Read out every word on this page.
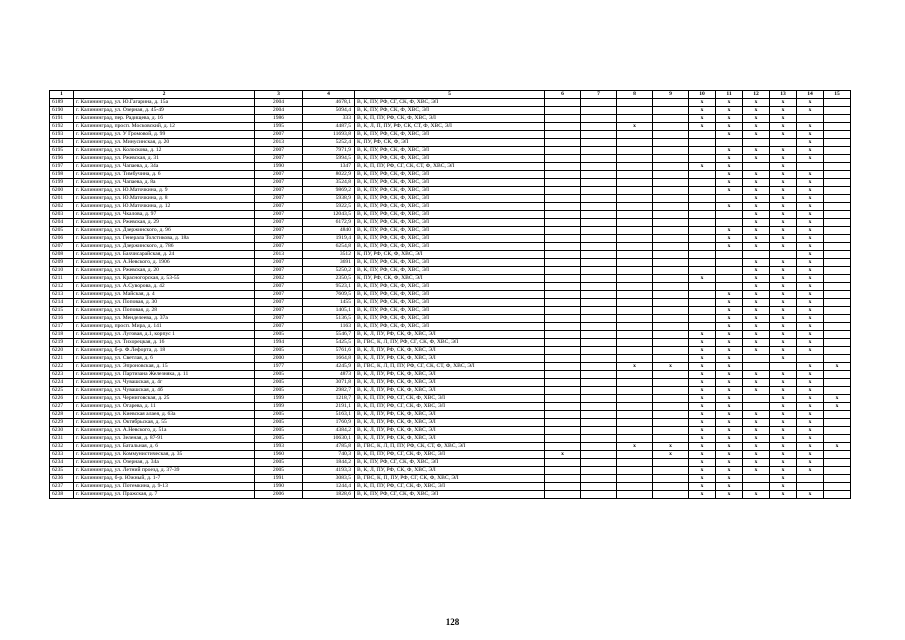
1	2	3	4	5	6	7	8	9	10	11	12	13	14	15
6189	г. Калининград, ул. Ю.Гагарина, д. 15а	2004	4678,1	В, К, ПУ, РФ, СГ, СК, Ф, ХВС, ЭЛ					x	x	x	x	x	
6190	г. Калининград, ул. Озерная, д. 45-49	2004	5094,4	В, К, ПУ, РФ, СК, Ф, ХВС, ЭЛ					x	x	x	x	x	
6191	г. Калининград, пер. Радищева, д. 16	1986	333	В, К, П, ПУ, РФ, СК, Ф, ХВС, ЭЛ					x	x	x	x		
6192	г. Калининград, просп. Московский, д. 12	1995	4487,5	В, К, Л, П, ПУ, РФ, СК, СТ, Ф, ХВС, ЭЛ			x		x	x	x	x	x	
6193	г. Калининград, ул. У Громовой, д. 99	2007	11693,8	В, К, ПУ, РФ, СК, Ф, ХВС, ЭЛ						x	x	x	x	
6194	г. Калининград, ул. Минусинская, д. 20	2013	5252,4	К, ПУ, РФ, СК, Ф, ЭЛ									x	
6195	г. Калининград, ул. Колоскова, д. 12	2007	7971,9	В, К, ПУ, РФ, СК, Ф, ХВС, ЭЛ						x	x	x	x	
6196	г. Калининград, ул. Ржевская, д. 31	2007	5994,5	В, К, ПУ, РФ, СК, Ф, ХВС, ЭЛ						x	x	x	x	
6197	г. Калининград, ул. Чапаева, д. 34а	1990	1347	В, К, П, ПУ, РФ, СГ, СК, СТ, Ф, ХВС, ЭЛ					x	x		x		
6198	г. Калининград, ул. Тимбучина, д. 6	2007	8022,9	В, К, ПУ, РФ, СК, Ф, ХВС, ЭЛ						x	x	x	x	
6199	г. Калининград, ул. Чапаева, д. 8а	2007	3524,8	В, К, ПУ, РФ, СК, Ф, ХВС, ЭЛ						x	x	x	x	
6200	г. Калининград, ул. Ю.Маточкина, д. 9	2007	9869,2	В, К, ПУ, РФ, СК, Ф, ХВС, ЭЛ						x	x	x	x	
6201	г. Калининград, ул. Ю.Маточкина, д. 8	2007	5938,9	В, К, ПУ, РФ, СК, Ф, ХВС, ЭЛ							x	x	x	
6202	г. Калининград, ул. Ю.Маточкина, д. 12	2007	5922,5	В, К, ПУ, РФ, СК, Ф, ХВС, ЭЛ						x	x	x	x	
6203	г. Калининград, ул. Чкалова, д. 97	2007	12043,5	В, К, ПУ, РФ, СК, Ф, ХВС, ЭЛ							x	x	x	
6204	г. Калининград, ул. Ржевская, д. 29	2007	6172,9	В, К, ПУ, РФ, СК, Ф, ХВС, ЭЛ							x	x	x	
6205	г. Калининград, ул. Дзержинского, д. 96	2007	4840	В, К, ПУ, РФ, СК, Ф, ХВС, ЭЛ						x	x	x	x	
6206	г. Калининград, ул. Генерала Толстикова, д. 18а	2007	1919,4	В, К, ПУ, РФ, СК, Ф, ХВС, ЭЛ						x	x	x	x	
6207	г. Калининград, ул. Дзержинского, д. 786	2007	6254,8	В, К, ПУ, РФ, СК, Ф, ХВС, ЭЛ						x	x	x	x	
6208	г. Калининград, ул. Бахчисарайская, д. 24	2013	3512	К, ПУ, РФ, СК, Ф, ХВС, ЭЛ									x	
6209	г. Калининград, ул. А.Невского, д. 1906	2007	3691	В, К, ПУ, РФ, СК, Ф, ХВС, ЭЛ							x	x	x	
6210	г. Калининград, ул. Ржевская, д. 20	2007	5250,2	В, К, ПУ, РФ, СК, Ф, ХВС, ЭЛ							x	x	x	
6211	г. Калининград, ул. Красногорская, д. 53-55	2002	2350,5	К, ПУ, РФ, СК, Ф, ХВС, ЭЛ					x		x	x	x	
6212	г. Калининград, ул. А.Суворова, д. 42	2007	9523,1	В, К, ПУ, РФ, СК, Ф, ХВС, ЭЛ							x	x	x	
6213	г. Калининград, ул. Майская, д. 4	2007	7609,5	В, К, ПУ, РФ, СК, Ф, ХВС, ЭЛ						x	x	x	x	
6214	г. Калининград, ул. Поповая, д. 30	2007	1455	В, К, ПУ, РФ, СК, Ф, ХВС, ЭЛ						x	x	x	x	
6215	г. Калининград, ул. Поповая, д. 28	2007	1405,1	В, К, ПУ, РФ, СК, Ф, ХВС, ЭЛ						x	x	x	x	
6216	г. Калининград, ул. Менделеева, д. 37а	2007	5136,5	В, К, ПУ, РФ, СК, Ф, ХВС, ЭЛ						x	x	x	x	
6217	г. Калининград, просп. Мира, д. 141	2007	1163	В, К, ПУ, РФ, СК, Ф, ХВС, ЭЛ						x	x	x	x	
6218	г. Калининград, ул. Луговая, д.1, корпус 1	2005	5546,7	В, К, Л, ПУ, РФ, СК, Ф, ХВС, ЭЛ					x	x	x	x	x	
6219	г. Калининград, ул. Тихорецкая, д. 16	1994	5425,5	В, ГВС, К, Л, ПУ, РФ, СГ, СК, Ф, ХВС, ЭЛ					x	x	x	x	x	
6220	г. Калининград, б-р. Ф.Лефорта, д. 18	2005	5761,6	В, К, Л, ПУ, РФ, СК, Ф, ХВС, ЭЛ					x	x	x	x	x	
6221	г. Калининград, ул. Светлая, д. 6	2000	1664,8	В, К, Л, ПУ, РФ, СК, Ф, ХВС, ЭЛ					x	x		x		
6222	г. Калининград, ул. Эпроновская, д. 15	1977	4245,9	В, ГВС, К, Л, П, ПУ, РФ, СГ, СК, СТ, Ф, ХВС, ЭЛ			x	x	x	x			x	x
6223	г. Калининград, ул. Партизана Железняка, д. 11	2005	4873	В, К, Л, ПУ, РФ, СК, Ф, ХВС, ЭЛ					x	x	x	x	x	
6224	г. Калининград, ул. Чувашская, д. 4г	2005	3071,8	В, К, Л, ПУ, РФ, СК, Ф, ХВС, ЭЛ					x	x	x	x	x	
6225	г. Калининград, ул. Чувашская, д. 4б	2005	2982,7	В, К, Л, ПУ, РФ, СК, Ф, ХВС, ЭЛ					x	x	x	x	x	
6226	г. Калининград, ул. Черниговская, д. 25	1999	1218,7	В, К, П, ПУ, РФ, СГ, СК, Ф, ХВС, ЭЛ					x	x		x	x	x
6227	г. Калининград, ул. Огарева, д. 11	1999	2191,1	В, К, П, ПУ, РФ, СГ, СК, Ф, ХВС, ЭЛ					x	x		x	x	x
6228	г. Калининград, ул. Киевская алаея, д. 63а	2005	5163,1	В, К, Л, ПУ, РФ, СК, Ф, ХВС, ЭЛ					x	x	x	x	x	
6229	г. Калининград, ул. Октябрьская, д. 55	2005	1760,9	В, К, Л, ПУ, РФ, СК, Ф, ХВС, ЭЛ					x	x	x	x	x	
6230	г. Калининград, ул. А.Невского, д. 51а	2005	4384,2	В, К, Л, ПУ, РФ, СК, Ф, ХВС, ЭЛ					x	x	x	x	x	
6231	г. Калининград, ул. Зеленая, д. 87-91	2005	10630,1	В, К, Л, ПУ, РФ, СК, Ф, ХВС, ЭЛ					x	x	x	x	x	
6232	г. Калининград, ул. Батальная, д. 6	1993	4785,8	В, ГВС, К, Л, П, ПУ, РФ, СК, СТ, Ф, ХВС, ЭЛ			x	x	x	x	x	x	x	x
6233	г. Калининград, ул. Коммунистическая, д. 35	1960	740,3	В, К, П, ПУ, РФ, СГ, СК, Ф, ХВС, ЭЛ	x			x	x	x	x	x	x	
6234	г. Калининград, ул. Озерная, д. 34а	2005	1844,2	В, К, ПУ, РФ, СГ, СК, Ф, ХВС, ЭЛ					x	x	x	x	x	
6235	г. Калининград, ул. Летний проезд, д. 37-39	2005	4193,3	В, К, Л, ПУ, РФ, СК, Ф, ХВС, ЭЛ					x	x	x	x	x	
6236	г. Калининград, б-р. Южный, д. 1-7	1991	3083,5	В, ГВС, К, П, ПУ, РФ, СГ, СК, Ф, ХВС, ЭЛ					x	x		x		
6237	г. Калининград, ул. Потемкина, д. 9-13	1990	1244,4	В, К, П, ПУ, РФ, СГ, СК, Ф, ХВС, ЭЛ					x	x		x		
6238	г. Калининград, ул. Пражская, д. 7	2006	1828,6	В, К, ПУ, РФ, СГ, СК, Ф, ХВС, ЭЛ					x	x	x	x	x	
128
